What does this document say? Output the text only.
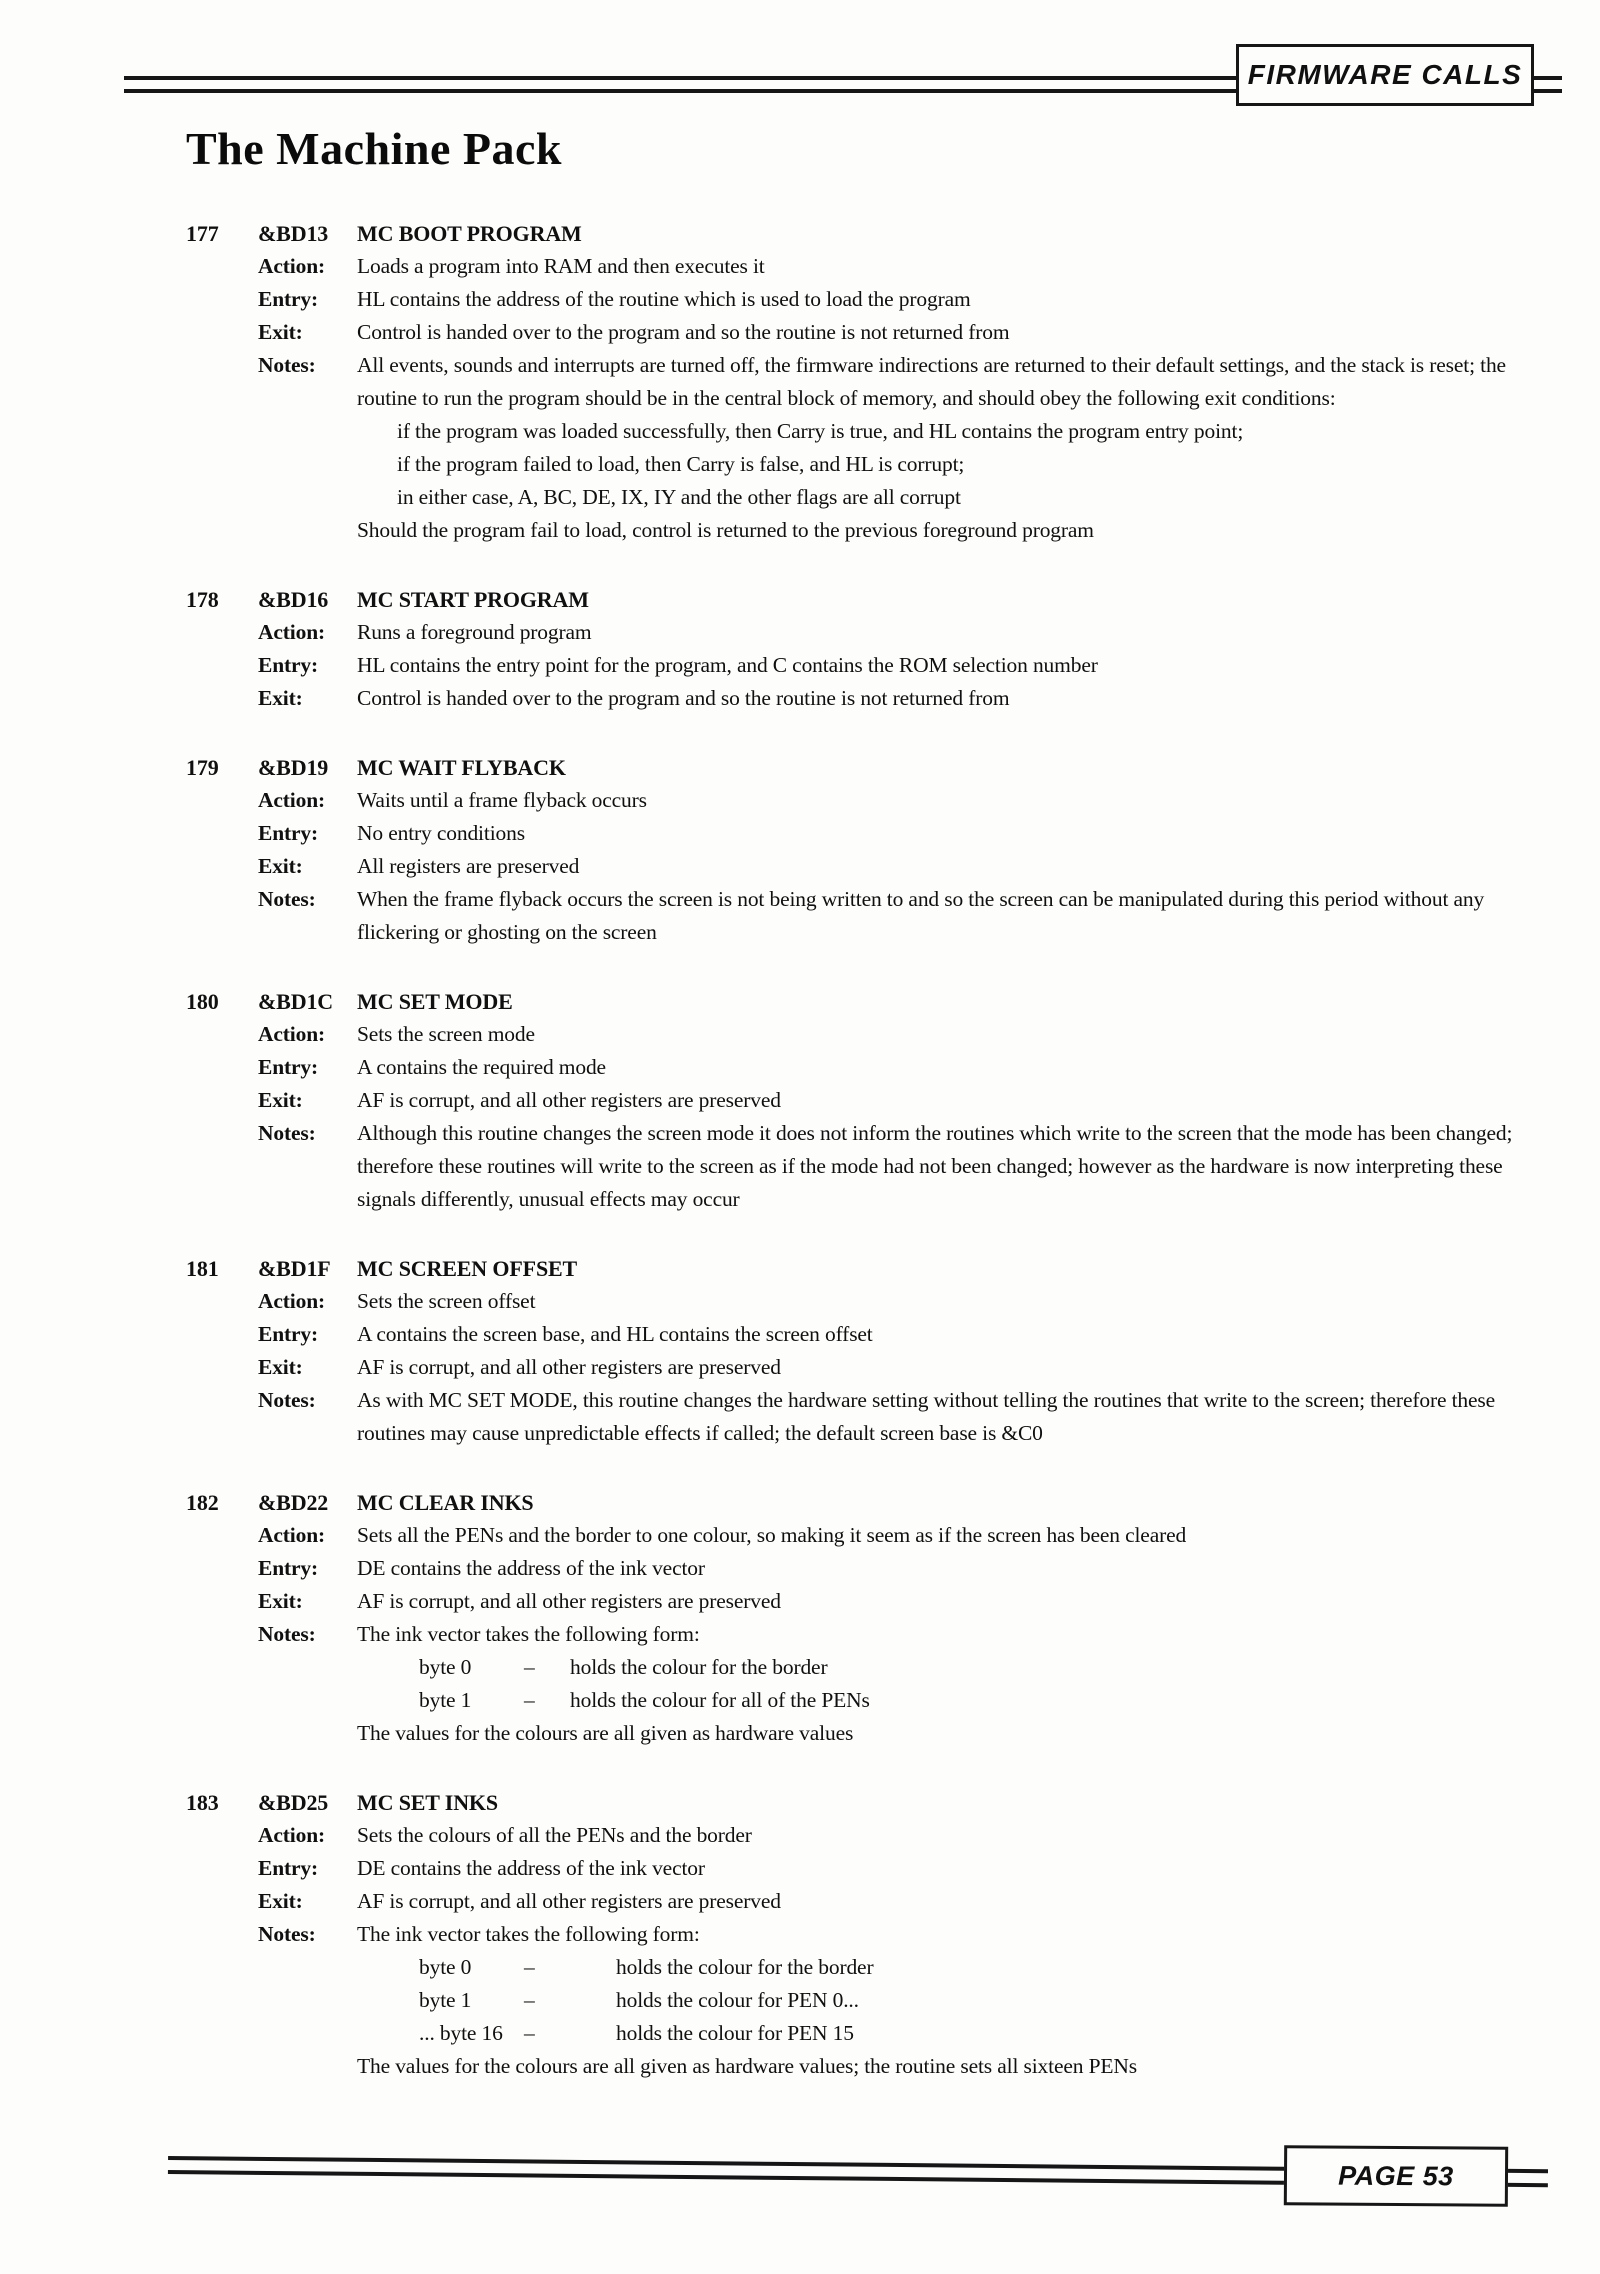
FIRMWARE CALLS
The Machine Pack
177	&BD13	MC BOOT PROGRAM
Action:	Loads a program into RAM and then executes it
Entry:	HL contains the address of the routine which is used to load the program
Exit:	Control is handed over to the program and so the routine is not returned from
Notes:	All events, sounds and interrupts are turned off, the firmware indirections are returned to their default settings, and the stack is reset; the routine to run the program should be in the central block of memory, and should obey the following exit conditions:
if the program was loaded successfully, then Carry is true, and HL contains the program entry point;
if the program failed to load, then Carry is false, and HL is corrupt;
in either case, A, BC, DE, IX, IY and the other flags are all corrupt
Should the program fail to load, control is returned to the previous foreground program
178	&BD16	MC START PROGRAM
Action:	Runs a foreground program
Entry:	HL contains the entry point for the program, and C contains the ROM selection number
Exit:	Control is handed over to the program and so the routine is not returned from
179	&BD19	MC WAIT FLYBACK
Action:	Waits until a frame flyback occurs
Entry:	No entry conditions
Exit:	All registers are preserved
Notes:	When the frame flyback occurs the screen is not being written to and so the screen can be manipulated during this period without any flickering or ghosting on the screen
180	&BD1C	MC SET MODE
Action:	Sets the screen mode
Entry:	A contains the required mode
Exit:	AF is corrupt, and all other registers are preserved
Notes:	Although this routine changes the screen mode it does not inform the routines which write to the screen that the mode has been changed; therefore these routines will write to the screen as if the mode had not been changed; however as the hardware is now interpreting these signals differently, unusual effects may occur
181	&BD1F	MC SCREEN OFFSET
Action:	Sets the screen offset
Entry:	A contains the screen base, and HL contains the screen offset
Exit:	AF is corrupt, and all other registers are preserved
Notes:	As with MC SET MODE, this routine changes the hardware setting without telling the routines that write to the screen; therefore these routines may cause unpredictable effects if called; the default screen base is &C0
182	&BD22	MC CLEAR INKS
Action:	Sets all the PENs and the border to one colour, so making it seem as if the screen has been cleared
Entry:	DE contains the address of the ink vector
Exit:	AF is corrupt, and all other registers are preserved
Notes:	The ink vector takes the following form:
byte 0	–	holds the colour for the border
byte 1	–	holds the colour for all of the PENs
The values for the colours are all given as hardware values
183	&BD25	MC SET INKS
Action:	Sets the colours of all the PENs and the border
Entry:	DE contains the address of the ink vector
Exit:	AF is corrupt, and all other registers are preserved
Notes:	The ink vector takes the following form:
byte 0	–	holds the colour for the border
byte 1	–	holds the colour for PEN 0...
... byte 16 –	holds the colour for PEN 15
The values for the colours are all given as hardware values; the routine sets all sixteen PENs
PAGE 53
